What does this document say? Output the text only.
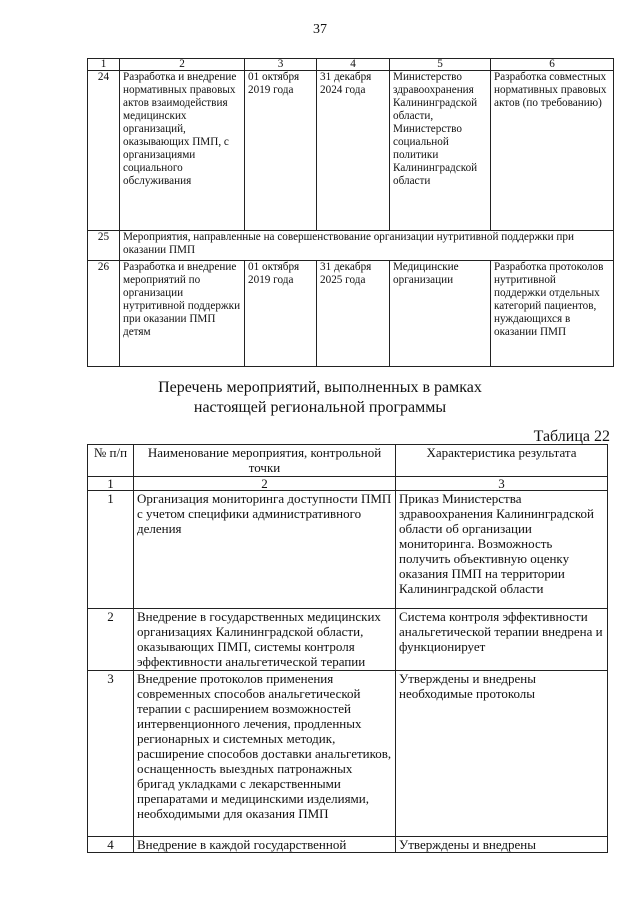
37
1	2	3	4	5	6
24	Разработка и внедрение нормативных правовых актов взаимодействия медицинских организаций, оказывающих ПМП, с организациями социального обслуживания	01 октября 2019 года	31 декабря 2024 года	Министерство здравоохранения Калининградской области, Министерство социальной политики Калининградской области	Разработка совместных нормативных правовых актов (по требованию)
25	Мероприятия, направленные на совершенствование организации нутритивной поддержки при оказании ПМП				
26	Разработка и внедрение мероприятий по организации нутритивной поддержки при оказании ПМП детям	01 октября 2019 года	31 декабря 2025 года	Медицинские организации	Разработка протоколов нутритивной поддержки отдельных категорий пациентов, нуждающихся в оказании ПМП
Перечень мероприятий, выполненных в рамках
настоящей региональной программы
Таблица 22
№ п/п	Наименование мероприятия, контрольной точки	Характеристика результата
1	2	3
1	Организация мониторинга доступности ПМП с учетом специфики административного деления	Приказ Министерства здравоохранения Калининградской области об организации мониторинга. Возможность получить объективную оценку оказания ПМП на территории Калининградской области
2	Внедрение в государственных медицинских организациях Калининградской области, оказывающих ПМП, системы контроля эффективности анальгетической терапии	Система контроля эффективности анальгетической терапии внедрена и функционирует
3	Внедрение протоколов применения современных способов анальгетической терапии с расширением возможностей интервенционного лечения, продленных регионарных и системных методик, расширение способов доставки анальгетиков, оснащенность выездных патронажных бригад укладками с лекарственными препаратами и медицинскими изделиями, необходимыми для оказания ПМП	Утверждены и внедрены необходимые протоколы
4	Внедрение в каждой государственной	Утверждены и внедрены
